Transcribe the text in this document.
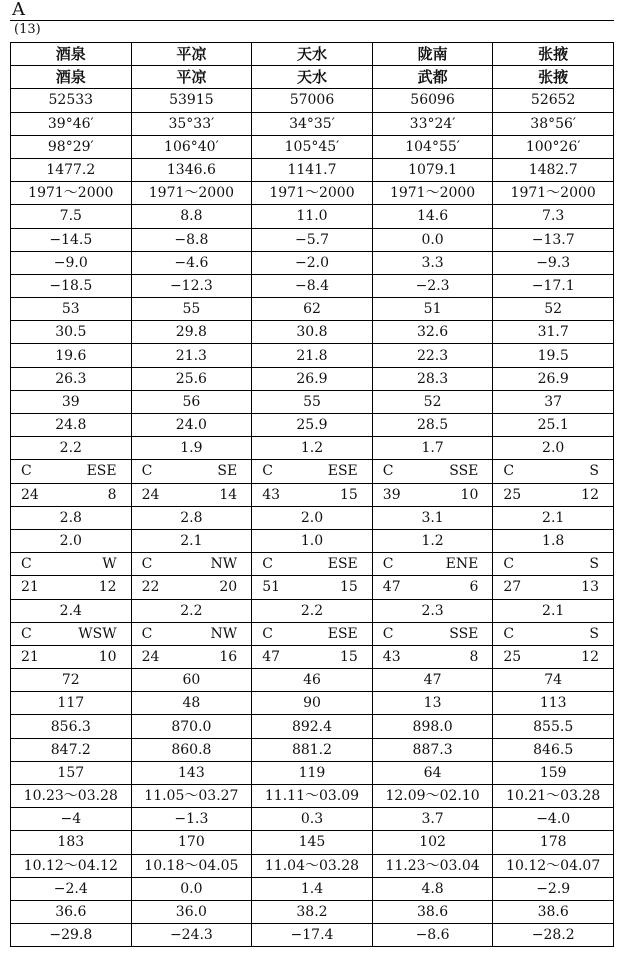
A
(13)
酒泉	平凉	天水	陇南	张掖
酒泉	平凉	天水	武都	张掖
52533	53915	57006	56096	52652
39°46′	35°33′	34°35′	33°24′	38°56′
98°29′	106°40′	105°45′	104°55′	100°26′
1477.2	1346.6	1141.7	1079.1	1482.7
1971～2000	1971～2000	1971～2000	1971～2000	1971～2000
7.5	8.8	11.0	14.6	7.3
−14.5	−8.8	−5.7	0.0	−13.7
−9.0	−4.6	−2.0	3.3	−9.3
−18.5	−12.3	−8.4	−2.3	−17.1
53	55	62	51	52
30.5	29.8	30.8	32.6	31.7
19.6	21.3	21.8	22.3	19.5
26.3	25.6	26.9	28.3	26.9
39	56	55	52	37
24.8	24.0	25.9	28.5	25.1
2.2	1.9	1.2	1.7	2.0

C ESE	C SE	C ESE	C SSE	C S

24 8	24 14	43 15	39 10	25 12

2.8	2.8	2.0	3.1	2.1
2.0	2.1	1.0	1.2	1.8

C W	C NW	C ESE	C ENE	C S

21 12	22 20	51 15	47 6	27 13

2.4	2.2	2.2	2.3	2.1

C WSW	C NW	C ESE	C SSE	C S

21 10	24 16	47 15	43 8	25 12

72	60	46	47	74
117	48	90	13	113
856.3	870.0	892.4	898.0	855.5
847.2	860.8	881.2	887.3	846.5
157	143	119	64	159
10.23～03.28	11.05～03.27	11.11～03.09	12.09～02.10	10.21～03.28
−4	−1.3	0.3	3.7	−4.0
183	170	145	102	178
10.12～04.12	10.18～04.05	11.04～03.28	11.23～03.04	10.12～04.07
−2.4	0.0	1.4	4.8	−2.9
36.6	36.0	38.2	38.6	38.6
−29.8	−24.3	−17.4	−8.6	−28.2
